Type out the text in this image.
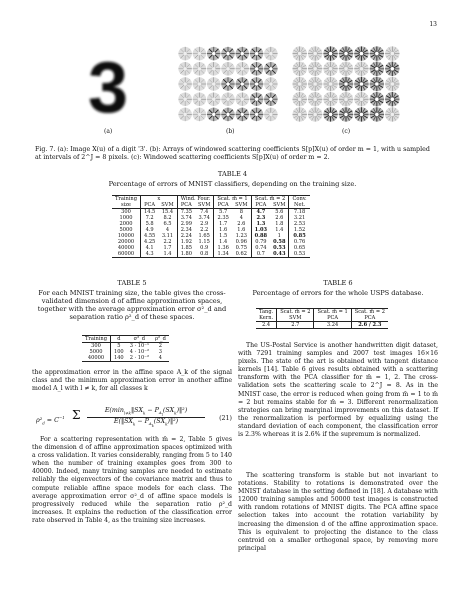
13
3
(a)	(b)	(c)
Fig. 7. (a): Image X(u) of a digit '3'. (b): Arrays of windowed scattering coefficients S[p]X(u) of order m = 1, with u sampled at intervals of 2^J = 8 pixels. (c): Windowed scattering coefficients S[p]X(u) of order m = 2.
TABLE 4
Percentage of errors of MNIST classifiers, depending on the training size.
Training	x		Wind. Four.		Scat. m̄ = 1		Scat. m̄ = 2		Conv.
size	PCA	SVM	PCA	SVM	PCA	SVM	PCA	SVM	Net.
300	14.5	15.4	7.35	7.4	5.7	8	4.7	5.6	7.18
1000	7.2	8.2	3.74	3.74	2.35	4	2.3	2.6	3.21
2000	5.8	6.5	2.99	2.9	1.7	2.6	1.3	1.8	2.53
5000	4.9	4	2.34	2.2	1.6	1.6	1.03	1.4	1.52
10000	4.55	3.11	2.24	1.65	1.5	1.23	0.88	1	0.85
20000	4.25	2.2	1.92	1.15	1.4	0.96	0.79	0.58	0.76
40000	4.1	1.7	1.85	0.9	1.36	0.75	0.74	0.53	0.65
60000	4.3	1.4	1.80	0.8	1.34	0.62	0.7	0.43	0.53
TABLE 5
For each MNIST training size, the table gives the cross-validated dimension d of affine approximation spaces, together with the average approximation error σ²_d and separation ratio ρ²_d of these spaces.
Training	d	σ²_d	ρ²_d
300	5	3 · 10⁻¹	2
5000	100	4 · 10⁻²	3
40000	140	2 · 10⁻²	4
TABLE 6
Percentage of errors for the whole USPS database.
Tang.	Scat. m̄ = 2	Scat. m̄ = 1	Scat. m̄ = 2
Kern.	SVM	PCA	PCA
2.4	2.7	3.24	2.6 / 2.3
the approximation error in the affine space A_k of the signal class and the minimum approximation error in another affine model A_l with l ≠ k, for all classes k
$\rho^2_d = C^{-1}$ Σ	$E(\min_{l\ne k}‖SX_k$ − $P_{A_l}(SX_k)‖^2$)
$E(‖SX_k$ − $P_{A_k}(SX_k)‖^2$)	(21)
For a scattering representation with m̄ = 2, Table 5 gives the dimension d of affine approximation spaces optimized with a cross validation. It varies considerably, ranging from 5 to 140 when the number of training examples goes from 300 to 40000. Indeed, many training samples are needed to estimate reliably the eigenvectors of the covariance matrix and thus to compute reliable affine space models for each class. The average approximation error σ²_d of affine space models is progressively reduced while the separation ratio ρ²_d increases. It explains the reduction of the classification error rate observed in Table 4, as the training size increases.
The US-Postal Service is another handwritten digit dataset, with 7291 training samples and 2007 test images 16×16 pixels. The state of the art is obtained with tangent distance kernels [14]. Table 6 gives results obtained with a scattering transform with the PCA classifier for m̄ = 1, 2. The cross-validation sets the scattering scale to 2^J = 8. As in the MNIST case, the error is reduced when going from m̄ = 1 to m̄ = 2 but remains stable for m̄ = 3. Different renormalization strategies can bring marginal improvements on this dataset. If the renormalization is performed by equalizing using the standard deviation of each component, the classification error is 2.3% whereas it is 2.6% if the supremum is normalized.
The scattering transform is stable but not invariant to rotations. Stability to rotations is demonstrated over the MNIST database in the setting defined in [18]. A database with 12000 training samples and 50000 test images is constructed with random rotations of MNIST digits. The PCA affine space selection takes into account the rotation variability by increasing the dimension d of the affine approximation space. This is equivalent to projecting the distance to the class centroid on a smaller orthogonal space, by removing more principal
